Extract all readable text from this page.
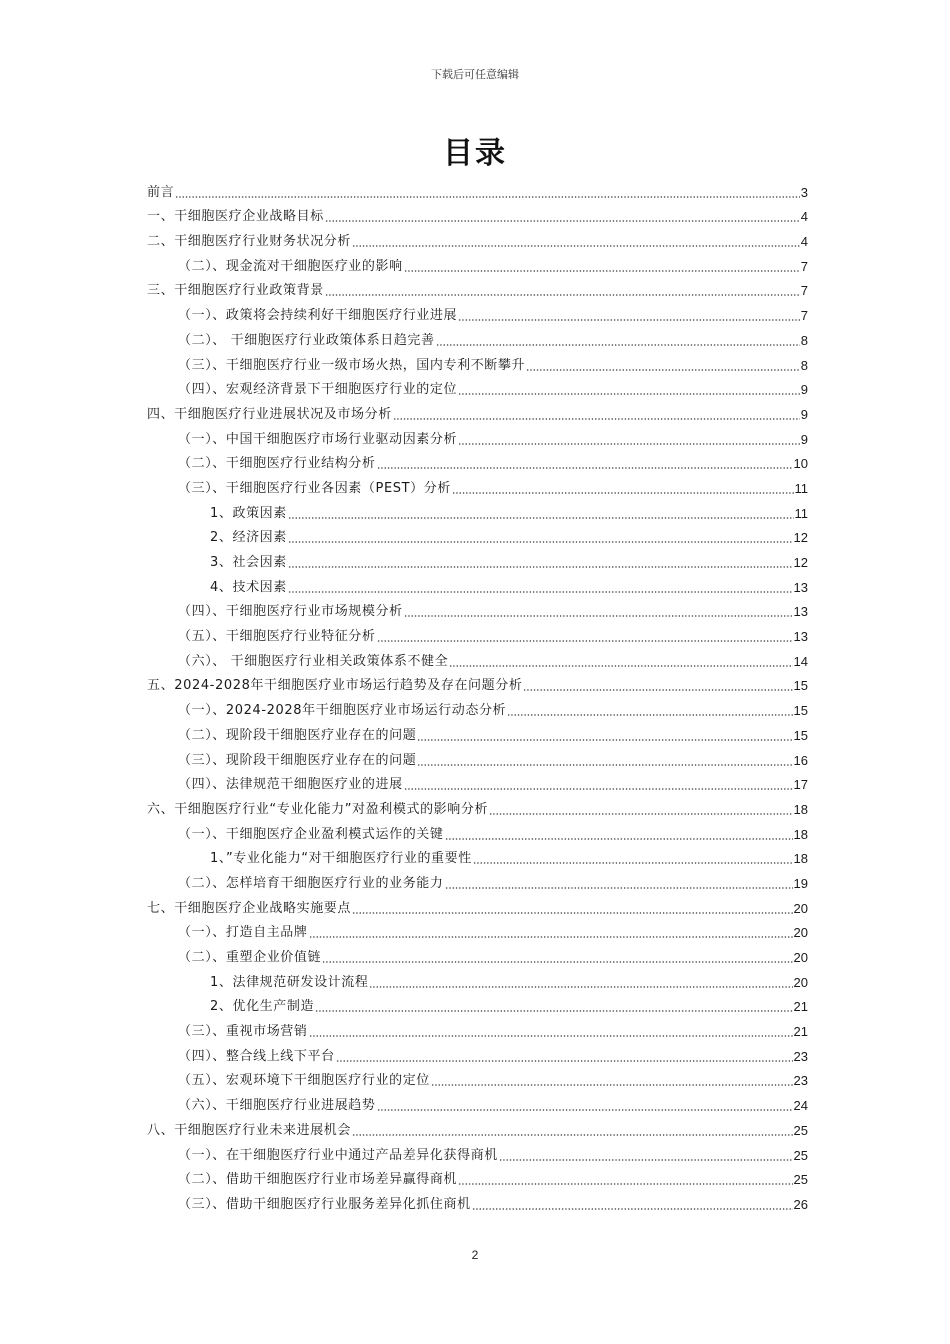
下载后可任意编辑
目录
前言	3
一、干细胞医疗企业战略目标	4
二、干细胞医疗行业财务状况分析	4
（二）、现金流对干细胞医疗业的影响	7
三、干细胞医疗行业政策背景	7
（一）、政策将会持续利好干细胞医疗行业进展	7
（二）、 干细胞医疗行业政策体系日趋完善	8
（三）、干细胞医疗行业一级市场火热，国内专利不断攀升	8
（四）、宏观经济背景下干细胞医疗行业的定位	9
四、干细胞医疗行业进展状况及市场分析	9
（一）、中国干细胞医疗市场行业驱动因素分析	9
（二）、干细胞医疗行业结构分析	10
（三）、干细胞医疗行业各因素（PEST）分析	11
1、政策因素	11
2、经济因素	12
3、社会因素	12
4、技术因素	13
（四）、干细胞医疗行业市场规模分析	13
（五）、干细胞医疗行业特征分析	13
（六）、 干细胞医疗行业相关政策体系不健全	14
五、2024-2028年干细胞医疗业市场运行趋势及存在问题分析	15
（一）、2024-2028年干细胞医疗业市场运行动态分析	15
（二）、现阶段干细胞医疗业存在的问题	15
（三）、现阶段干细胞医疗业存在的问题	16
（四）、法律规范干细胞医疗业的进展	17
六、干细胞医疗行业“专业化能力”对盈利模式的影响分析	18
（一）、干细胞医疗企业盈利模式运作的关键	18
1、”专业化能力“对干细胞医疗行业的重要性	18
（二）、怎样培育干细胞医疗行业的业务能力	19
七、干细胞医疗企业战略实施要点	20
（一）、打造自主品牌	20
（二）、重塑企业价值链	20
1、法律规范研发设计流程	20
2、优化生产制造	21
（三）、重视市场营销	21
（四）、整合线上线下平台	23
（五）、宏观环境下干细胞医疗行业的定位	23
（六）、干细胞医疗行业进展趋势	24
八、干细胞医疗行业未来进展机会	25
（一）、在干细胞医疗行业中通过产品差异化获得商机	25
（二）、借助干细胞医疗行业市场差异赢得商机	25
（三）、借助干细胞医疗行业服务差异化抓住商机	26
2
